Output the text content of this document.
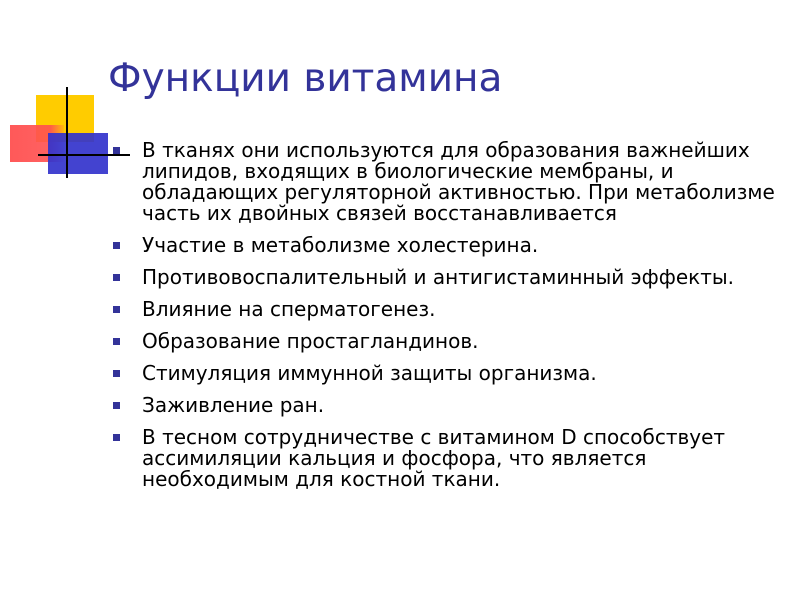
Функции витамина
В тканях они используются для образования важнейших липидов, входящих в биологические мембраны, и обладающих регуляторной активностью. При метаболизме часть их двойных связей восстанавливается
Участие в метаболизме холестерина.
Противовоспалительный и антигистаминный эффекты.
Влияние на сперматогенез.
Образование простагландинов.
Стимуляция иммунной защиты организма.
Заживление ран.
В тесном сотрудничестве с витамином D способствует ассимиляции кальция и фосфора, что является необходимым для костной ткани.
